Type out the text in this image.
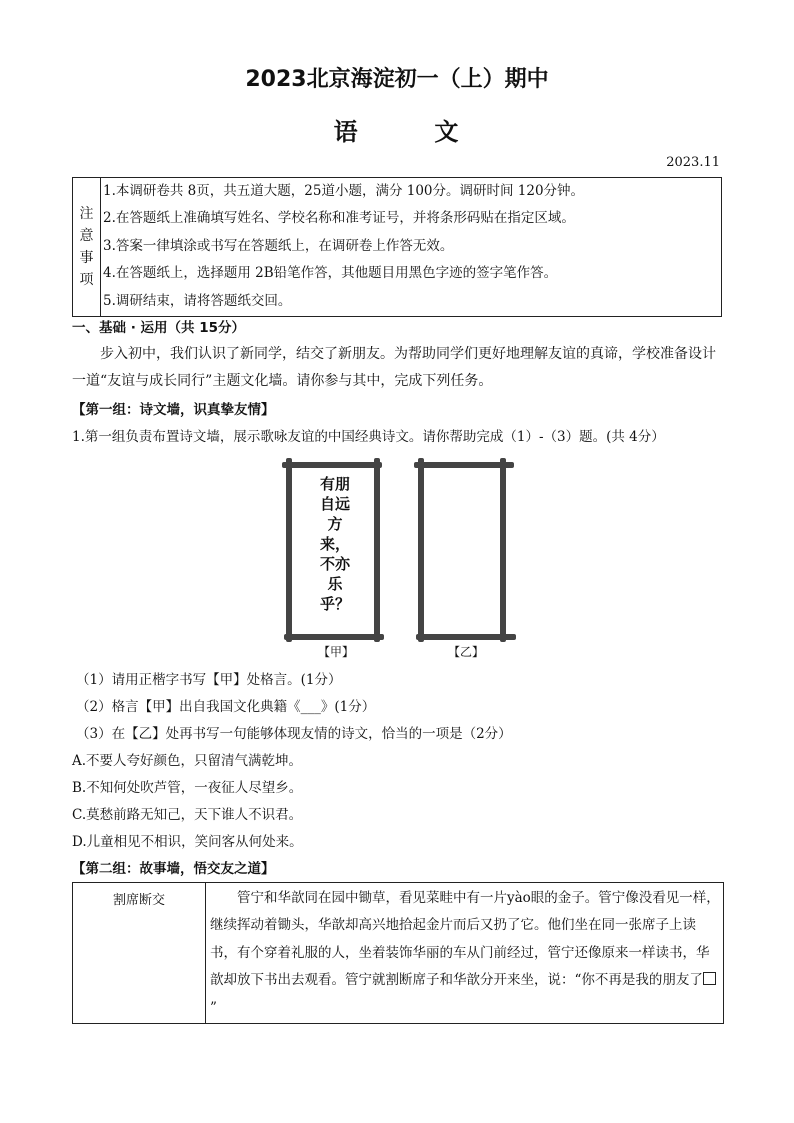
2023北京海淀初一（上）期中
语	文
2023.11
注
意
事
项
1.本调研卷共 8页，共五道大题，25道小题，满分 100分。调研时间 120分钟。
2.在答题纸上准确填写姓名、学校名称和准考证号，并将条形码贴在指定区域。
3.答案一律填涂或书写在答题纸上，在调研卷上作答无效。
4.在答题纸上，选择题用 2B铅笔作答，其他题目用黑色字迹的签字笔作答。
5.调研结束，请将答题纸交回。
一、基础 · 运用（共 15分）
步入初中，我们认识了新同学，结交了新朋友。为帮助同学们更好地理解友谊的真谛，学校准备设计
一道“友谊与成长同行”主题文化墙。请你参与其中，完成下列任务。
【第一组：诗文墙，识真挚友情】
1.第一组负责布置诗文墙，展示歌咏友谊的中国经典诗文。请你帮助完成（1）-（3）题。(共 4分）
有朋自远方来，不亦乐乎？
【甲】	【乙】
（1）请用正楷字书写【甲】处格言。(1分）
（2）格言【甲】出自我国文化典籍《___》(1分）
（3）在【乙】处再书写一句能够体现友情的诗文，恰当的一项是（2分）
A.不要人夸好颜色，只留清气满乾坤。
B.不知何处吹芦管，一夜征人尽望乡。
C.莫愁前路无知己，天下谁人不识君。
D.儿童相见不相识，笑问客从何处来。
【第二组：故事墙，悟交友之道】
割席断交	管宁和华歆同在园中锄草，看见菜畦中有一片yào眼的金子。管宁像没看见一样，继续挥动着锄头，华歆却高兴地拾起金片而后又扔了它。他们坐在同一张席子上读书，有个穿着礼服的人，坐着装饰华丽的车从门前经过，管宁还像原来一样读书，华歆却放下书出去观看。管宁就割断席子和华歆分开来坐，说：“你不再是我的朋友了”
